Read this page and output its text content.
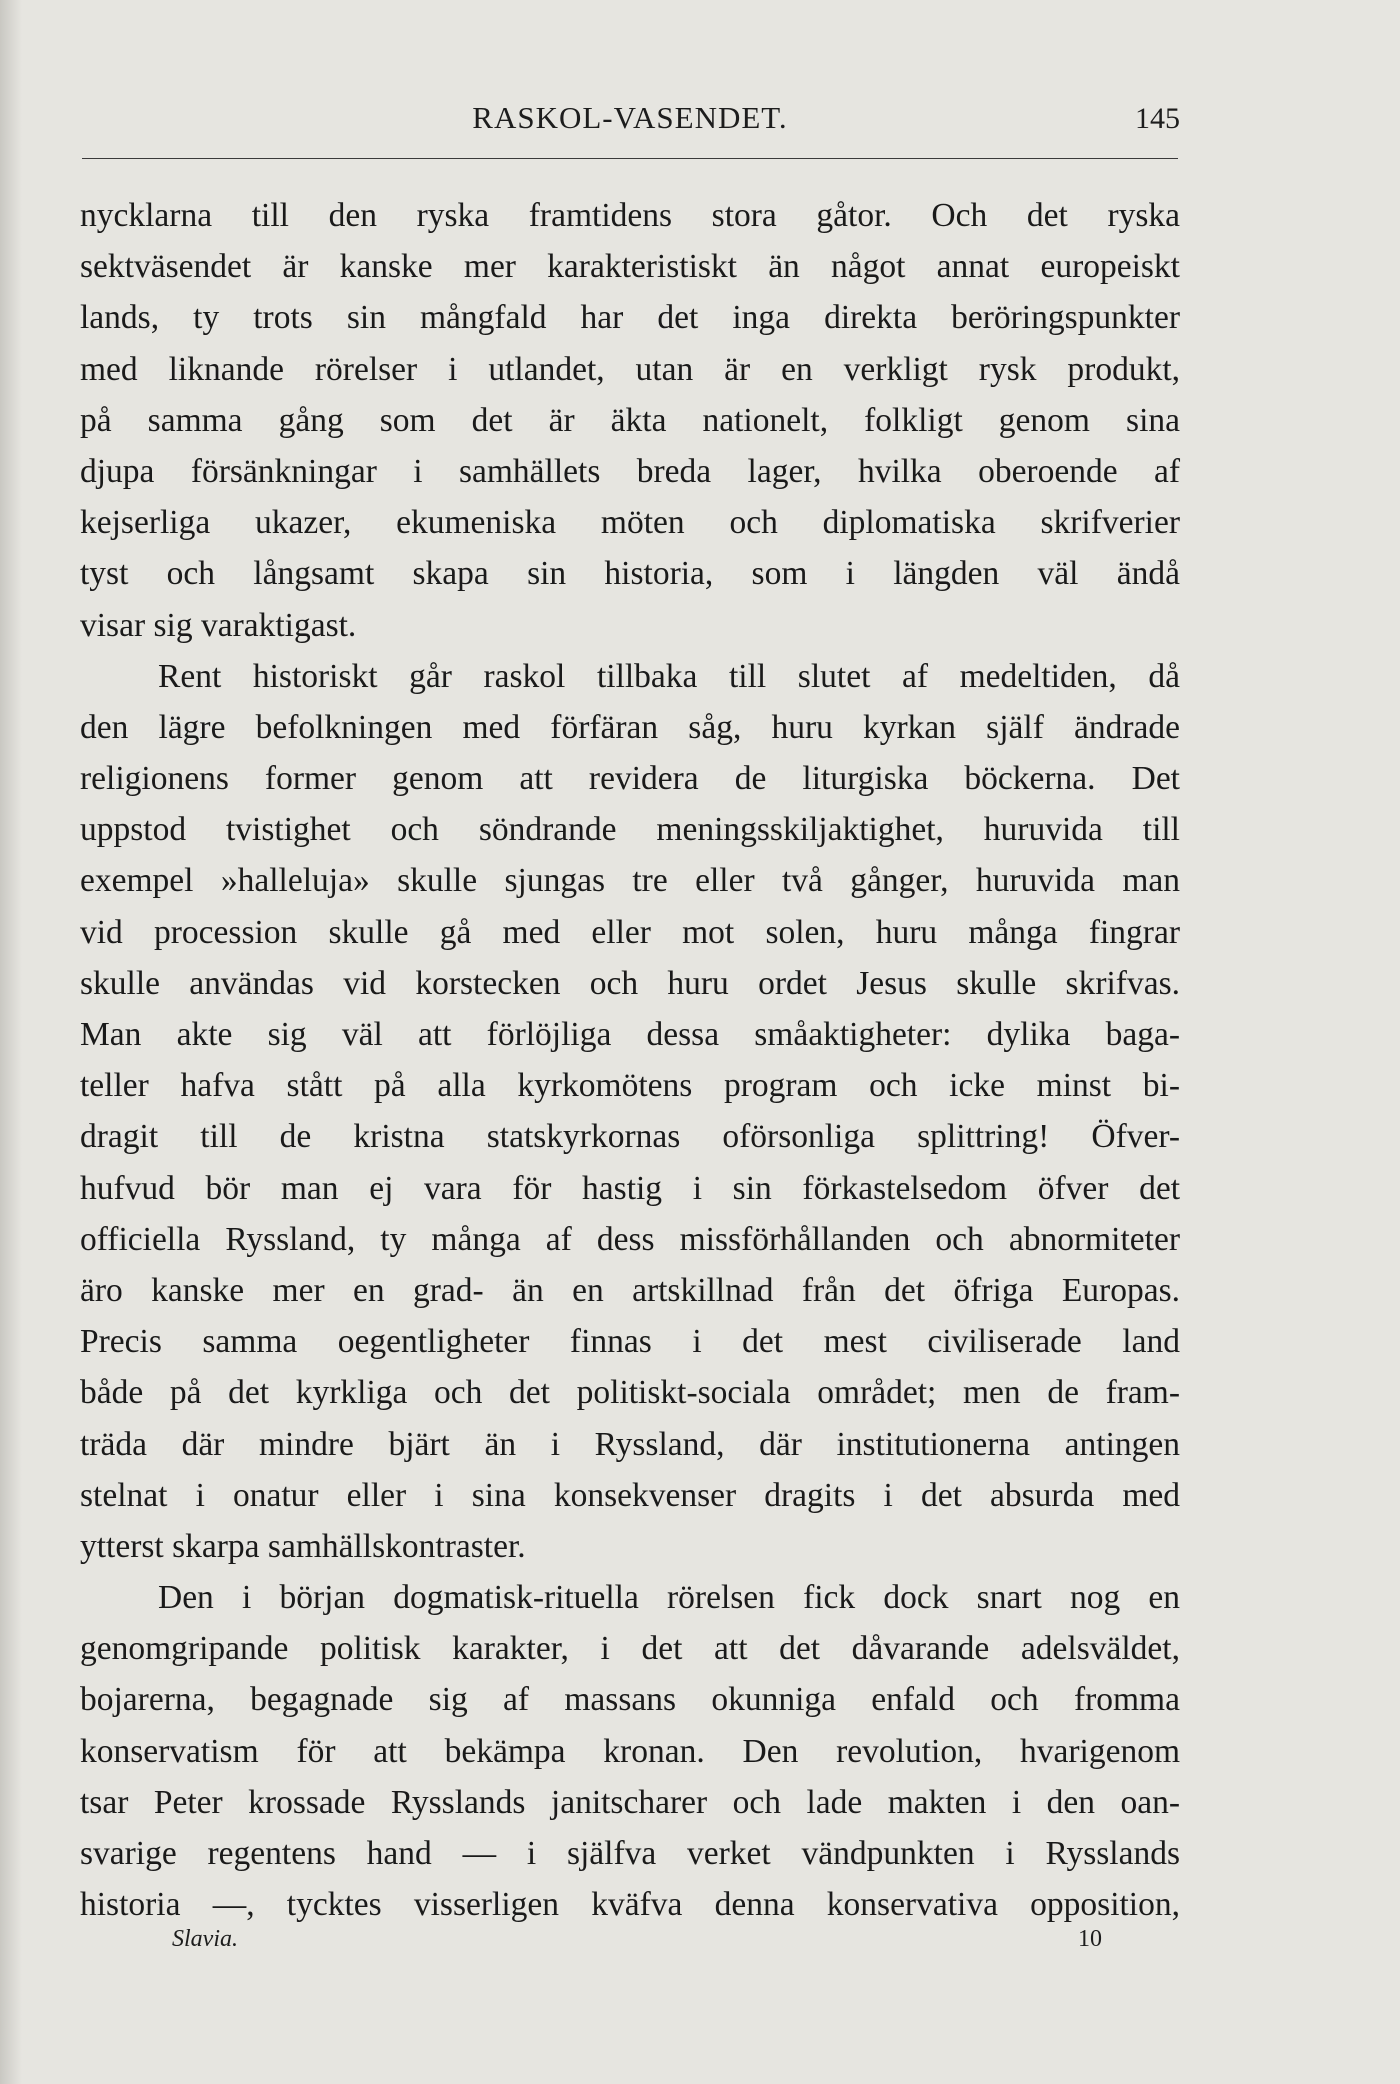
RASKOL-VASENDET.	145
nycklarna till den ryska framtidens stora gåtor. Och det ryska
sektväsendet är kanske mer karakteristiskt än något annat europeiskt
lands, ty trots sin mångfald har det inga direkta beröringspunkter
med liknande rörelser i utlandet, utan är en verkligt rysk produkt,
på samma gång som det är äkta nationelt, folkligt genom sina
djupa försänkningar i samhällets breda lager, hvilka oberoende af
kejserliga ukazer, ekumeniska möten och diplomatiska skrifverier
tyst och långsamt skapa sin historia, som i längden väl ändå
visar sig varaktigast.
Rent historiskt går raskol tillbaka till slutet af medeltiden, då
den lägre befolkningen med förfäran såg, huru kyrkan själf ändrade
religionens former genom att revidera de liturgiska böckerna. Det
uppstod tvistighet och söndrande meningsskiljaktighet, huruvida till
exempel »halleluja» skulle sjungas tre eller två gånger, huruvida man
vid procession skulle gå med eller mot solen, huru många fingrar
skulle användas vid korstecken och huru ordet Jesus skulle skrifvas.
Man akte sig väl att förlöjliga dessa småaktigheter: dylika baga-
teller hafva stått på alla kyrkomötens program och icke minst bi-
dragit till de kristna statskyrkornas oförsonliga splittring! Öfver-
hufvud bör man ej vara för hastig i sin förkastelsedom öfver det
officiella Ryssland, ty många af dess missförhållanden och abnormiteter
äro kanske mer en grad- än en artskillnad från det öfriga Europas.
Precis samma oegentligheter finnas i det mest civiliserade land
både på det kyrkliga och det politiskt-sociala området; men de fram-
träda där mindre bjärt än i Ryssland, där institutionerna antingen
stelnat i onatur eller i sina konsekvenser dragits i det absurda med
ytterst skarpa samhällskontraster.
Den i början dogmatisk-rituella rörelsen fick dock snart nog en
genomgripande politisk karakter, i det att det dåvarande adelsväldet,
bojarerna, begagnade sig af massans okunniga enfald och fromma
konservatism för att bekämpa kronan. Den revolution, hvarigenom
tsar Peter krossade Rysslands janitscharer och lade makten i den oan-
svarige regentens hand — i själfva verket vändpunkten i Rysslands
historia —, tycktes visserligen kväfva denna konservativa opposition,
Slavia.	10
